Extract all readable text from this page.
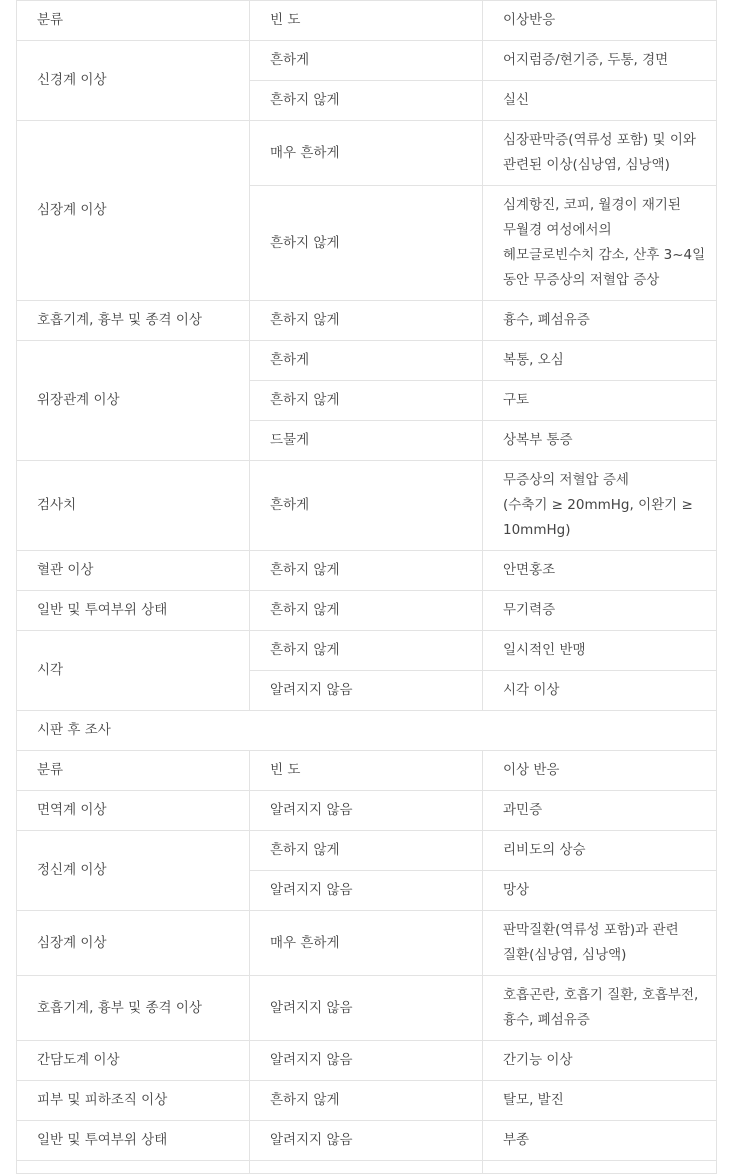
분류	빈 도	이상반응
신경계 이상	흔하게	어지럼증/현기증, 두통, 경면
	흔하지 않게	실신
심장계 이상	매우 흔하게	심장판막증(역류성 포함) 및 이와 관련된 이상(심낭염, 심낭액)
	흔하지 않게	심계항진, 코피, 월경이 재기된 무월경 여성에서의 헤모글로빈수치 감소, 산후 3~4일 동안 무증상의 저혈압 증상
호흡기계, 흉부 및 종격 이상	흔하지 않게	흉수, 폐섬유증
위장관계 이상	흔하게	복통, 오심
	흔하지 않게	구토
	드물게	상복부 통증
검사치	흔하게	무증상의 저혈압 증세
(수축기 ≥ 20mmHg, 이완기 ≥ 10mmHg)

혈관 이상	흔하지 않게	안면홍조
일반 및 투여부위 상태	흔하지 않게	무기력증
시각	흔하지 않게	일시적인 반맹
	알려지지 않음	시각 이상
시판 후 조사		
분류	빈 도	이상 반응
면역계 이상	알려지지 않음	과민증
정신계 이상	흔하지 않게	리비도의 상승
	알려지지 않음	망상
심장계 이상	매우 흔하게	판막질환(역류성 포함)과 관련 질환(심낭염, 심낭액)
호흡기계, 흉부 및 종격 이상	알려지지 않음	호흡곤란, 호흡기 질환, 호흡부전, 흉수, 폐섬유증
간담도계 이상	알려지지 않음	간기능 이상
피부 및 피하조직 이상	흔하지 않게	탈모, 발진
일반 및 투여부위 상태	알려지지 않음	부종
